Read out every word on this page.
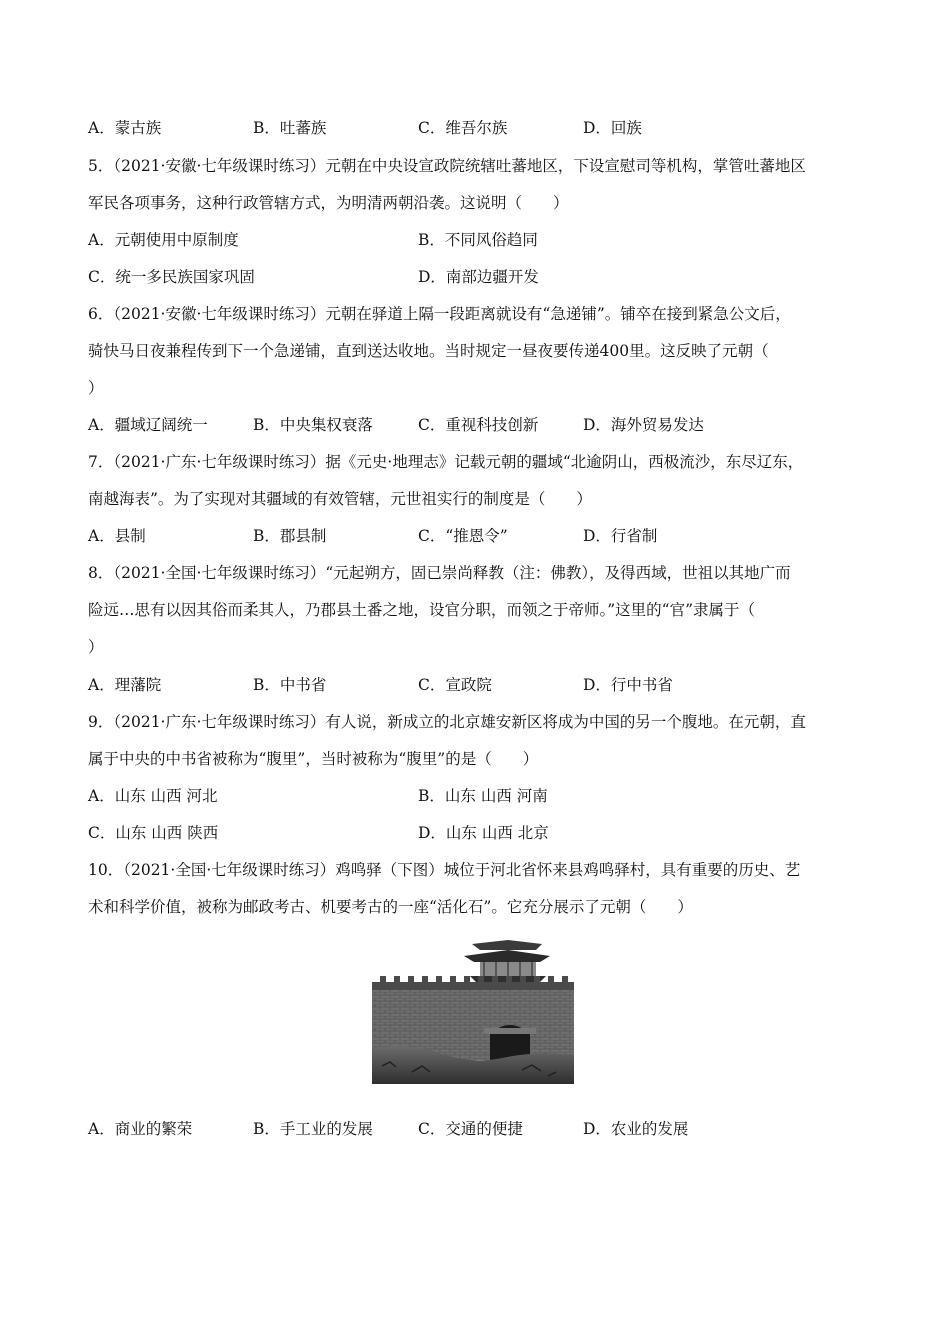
A．蒙古族	B．吐蕃族	C．维吾尔族	D．回族
5．（2021·安徽·七年级课时练习）元朝在中央设宣政院统辖吐蕃地区，下设宣慰司等机构，掌管吐蕃地区
军民各项事务，这种行政管辖方式，为明清两朝沿袭。这说明（　　）
A．元朝使用中原制度	B．不同风俗趋同
C．统一多民族国家巩固	D．南部边疆开发
6．（2021·安徽·七年级课时练习）元朝在驿道上隔一段距离就设有“急递铺”。铺卒在接到紧急公文后，
骑快马日夜兼程传到下一个急递铺，直到送达收地。当时规定一昼夜要传递400里。这反映了元朝（
）
A．疆域辽阔统一	B．中央集权衰落	C．重视科技创新	D．海外贸易发达
7．（2021·广东·七年级课时练习）据《元史·地理志》记载元朝的疆域“北逾阴山，西极流沙，东尽辽东，
南越海表”。为了实现对其疆域的有效管辖，元世祖实行的制度是（　　）
A．县制	B．郡县制	C．“推恩令”	D．行省制
8．（2021·全国·七年级课时练习）“元起朔方，固已崇尚释教（注：佛教），及得西域，世祖以其地广而
险远…思有以因其俗而柔其人，乃郡县土番之地，设官分职，而领之于帝师。”这里的“官”隶属于（
）
A．理藩院	B．中书省	C．宣政院	D．行中书省
9．（2021·广东·七年级课时练习）有人说，新成立的北京雄安新区将成为中国的另一个腹地。在元朝，直
属于中央的中书省被称为“腹里”，当时被称为“腹里”的是（　　）
A．山东 山西 河北	B．山东 山西 河南
C．山东 山西 陕西	D．山东 山西 北京
10．（2021·全国·七年级课时练习）鸡鸣驿（下图）城位于河北省怀来县鸡鸣驿村，具有重要的历史、艺
术和科学价值，被称为邮政考古、机要考古的一座“活化石”。它充分展示了元朝（　　）
A．商业的繁荣	B．手工业的发展	C．交通的便捷	D．农业的发展
